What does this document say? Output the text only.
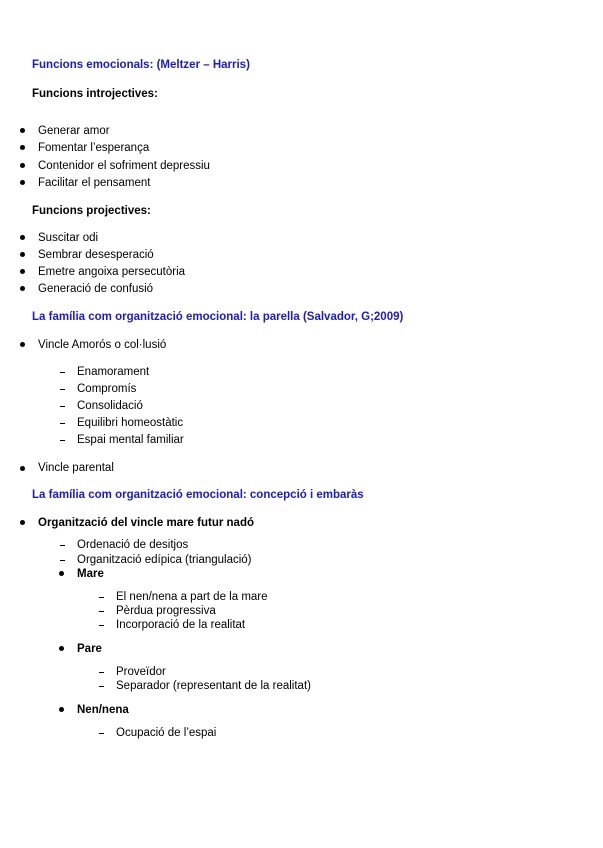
Funcions emocionals: (Meltzer – Harris)
Funcions introjectives:
Generar amor
Fomentar l’esperança
Contenidor el sofriment depressiu
Facilitar el pensament
Funcions projectives:
Suscitar odi
Sembrar desesperació
Emetre angoixa persecutòria
Generació de confusió
La família com organització emocional: la parella (Salvador, G;2009)
Vincle Amorós o col·lusió
Enamorament
Compromís
Consolidació
Equilibri homeostàtic
Espai mental familiar
Vincle parental
La família com organització emocional: concepció i embaràs
Organització del vincle mare futur nadó
Ordenació de desitjos
Organització edípica (triangulació)
Mare
El nen/nena a part de la mare
Pèrdua progressiva
Incorporació de la realitat
Pare
Proveïdor
Separador (representant de la realitat)
Nen/nena
Ocupació de l’espai
